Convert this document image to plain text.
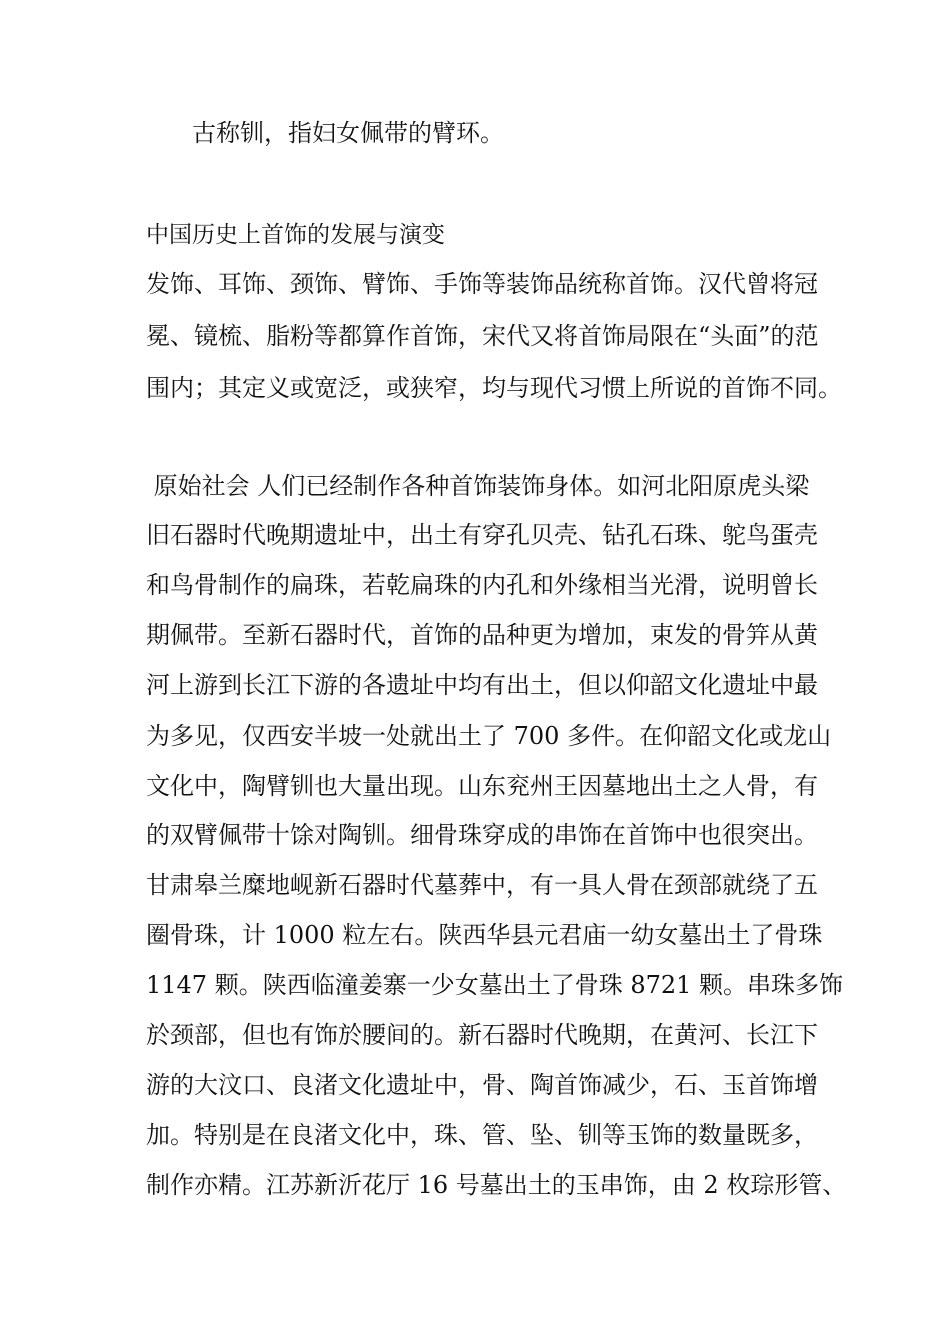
古称钏，指妇女佩带的臂环。
中国历史上首饰的发展与演变
发饰、耳饰、颈饰、臂饰、手饰等装饰品统称首饰。汉代曾将冠
冕、镜梳、脂粉等都算作首饰，宋代又将首饰局限在“头面”的范
围内；其定义或宽泛，或狭窄，均与现代习惯上所说的首饰不同。
原始社会 人们已经制作各种首饰装饰身体。如河北阳原虎头梁
旧石器时代晚期遗址中，出土有穿孔贝壳、钻孔石珠、鸵鸟蛋壳
和鸟骨制作的扁珠，若乾扁珠的内孔和外缘相当光滑，说明曾长
期佩带。至新石器时代，首饰的品种更为增加，束发的骨笄从黄
河上游到长江下游的各遗址中均有出土，但以仰韶文化遗址中最
为多见，仅西安半坡一处就出土了 700 多件。在仰韶文化或龙山
文化中，陶臂钏也大量出现。山东兖州王因墓地出土之人骨，有
的双臂佩带十馀对陶钏。细骨珠穿成的串饰在首饰中也很突出。
甘肃皋兰糜地岘新石器时代墓葬中，有一具人骨在颈部就绕了五
圈骨珠，计 1000 粒左右。陕西华县元君庙一幼女墓出土了骨珠
1147 颗。陕西临潼姜寨一少女墓出土了骨珠 8721 颗。串珠多饰
於颈部，但也有饰於腰间的。新石器时代晚期，在黄河、长江下
游的大汶口、良渚文化遗址中，骨、陶首饰减少，石、玉首饰增
加。特别是在良渚文化中，珠、管、坠、钏等玉饰的数量既多，
制作亦精。江苏新沂花厅 16 号墓出土的玉串饰，由 2 枚琮形管、
